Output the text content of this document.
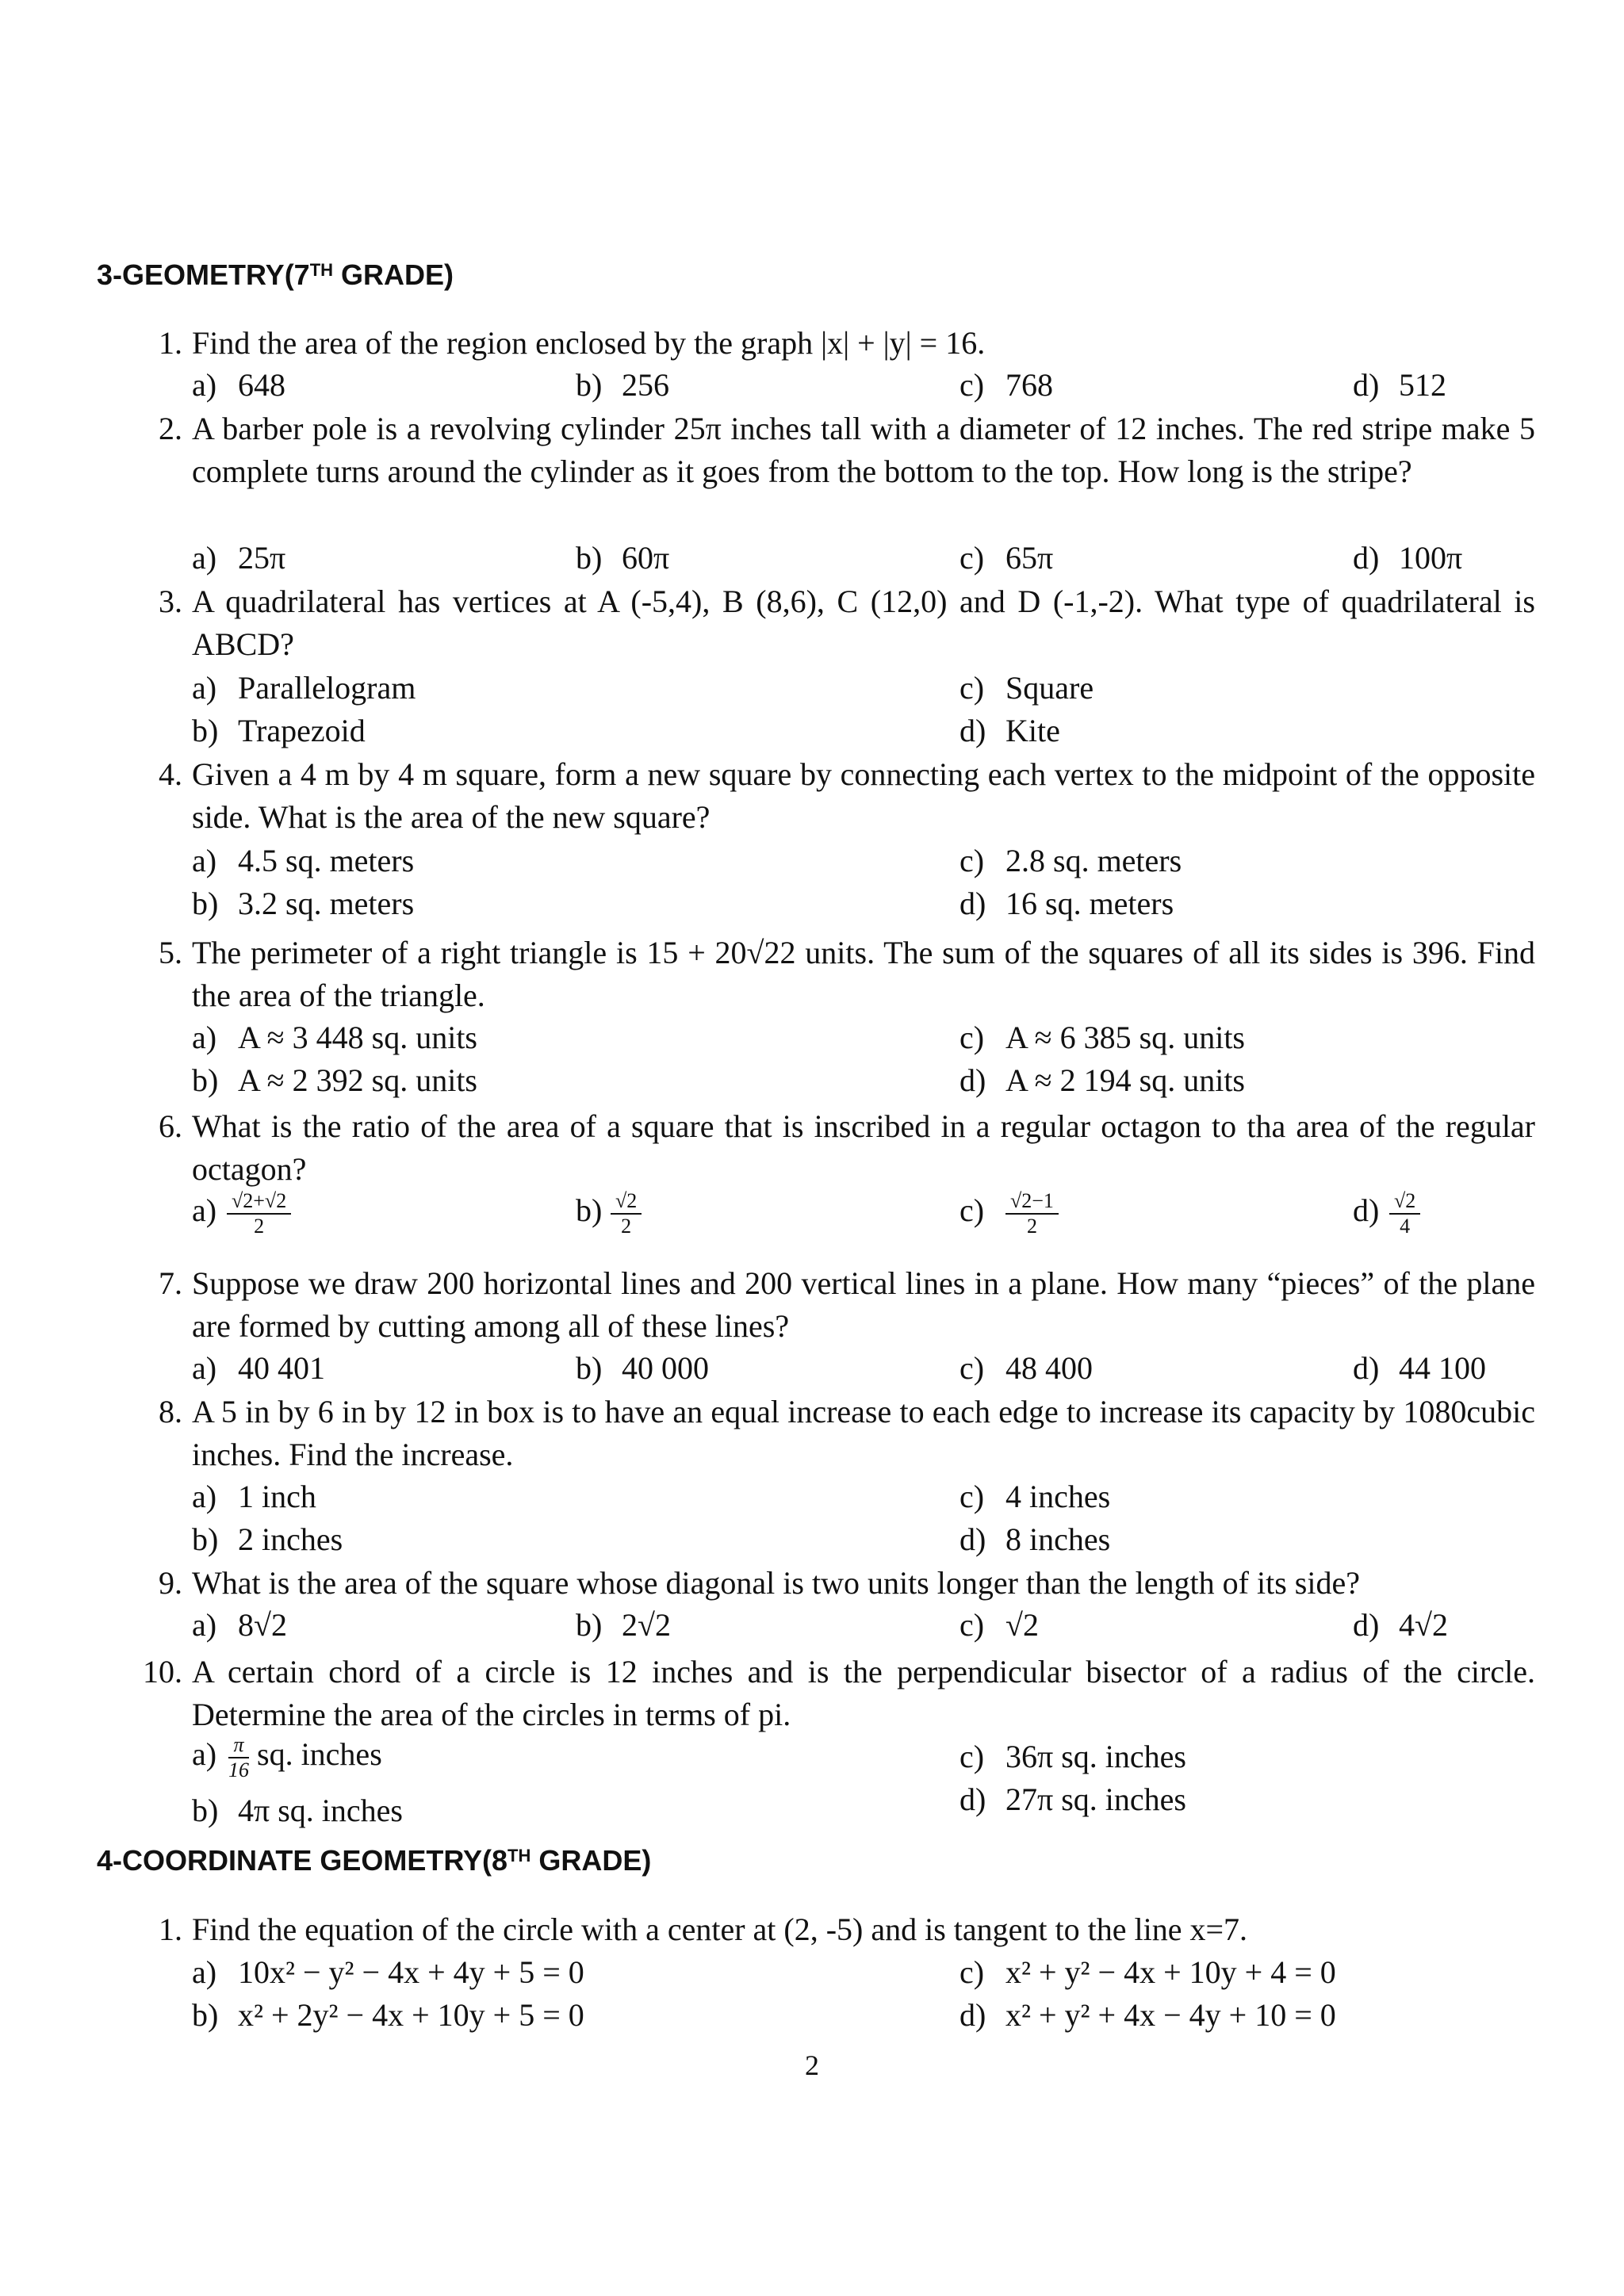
3-GEOMETRY(7TH GRADE)
1. Find the area of the region enclosed by the graph |x| + |y| = 16.
a) 648	b) 256	c) 768	d) 512
2. A barber pole is a revolving cylinder 25π inches tall with a diameter of 12 inches. The red stripe make 5 complete turns around the cylinder as it goes from the bottom to the top. How long is the stripe?
a) 25π	b) 60π	c) 65π	d) 100π
3. A quadrilateral has vertices at A (-5,4), B (8,6), C (12,0) and D (-1,-2). What type of quadrilateral is ABCD?
a) Parallelogram
b) Trapezoid
c) Square
d) Kite
4. Given a 4 m by 4 m square, form a new square by connecting each vertex to the midpoint of the opposite side. What is the area of the new square?
a) 4.5 sq. meters
b) 3.2 sq. meters
c) 2.8 sq. meters
d) 16 sq. meters
5. The perimeter of a right triangle is 15 + 20√22 units. The sum of the squares of all its sides is 396. Find the area of the triangle.
a) A ≈ 3 448 sq. units
b) A ≈ 2 392 sq. units
c) A ≈ 6 385 sq. units
d) A ≈ 2 194 sq. units
6. What is the ratio of the area of a square that is inscribed in a regular octagon to tha area of the regular octagon?
$a) \frac{√2+√2}{2}$	$b) \frac{√2}{2}$	$c) \frac{√2-1}{2}$	$d) \frac{√2}{4}$
7. Suppose we draw 200 horizontal lines and 200 vertical lines in a plane. How many “pieces” of the plane are formed by cutting among all of these lines?
a) 40 401	b) 40 000	c) 48 400	d) 44 100
8. A 5 in by 6 in by 12 in box is to have an equal increase to each edge to increase its capacity by 1080cubic inches. Find the increase.
a) 1 inch
b) 2 inches
c) 4 inches
d) 8 inches
9. What is the area of the square whose diagonal is two units longer than the length of its side?
a) 8√2	b) 2√2	c) √2	d) 4√2
10. A certain chord of a circle is 12 inches and is the perpendicular bisector of a radius of the circle. Determine the area of the circles in terms of pi.
$a) \frac{\pi}{16}$ sq. inches
b) 4π sq. inches
c) 36π sq. inches
d) 27π sq. inches
4-COORDINATE GEOMETRY(8TH GRADE)
1. Find the equation of the circle with a center at (2, -5) and is tangent to the line x=7.
a) 10x² − y² − 4x + 4y + 5 = 0
b) x² + 2y² − 4x + 10y + 5 = 0
c) x² + y² − 4x + 10y + 4 = 0
d) x² + y² + 4x − 4y + 10 = 0
2
